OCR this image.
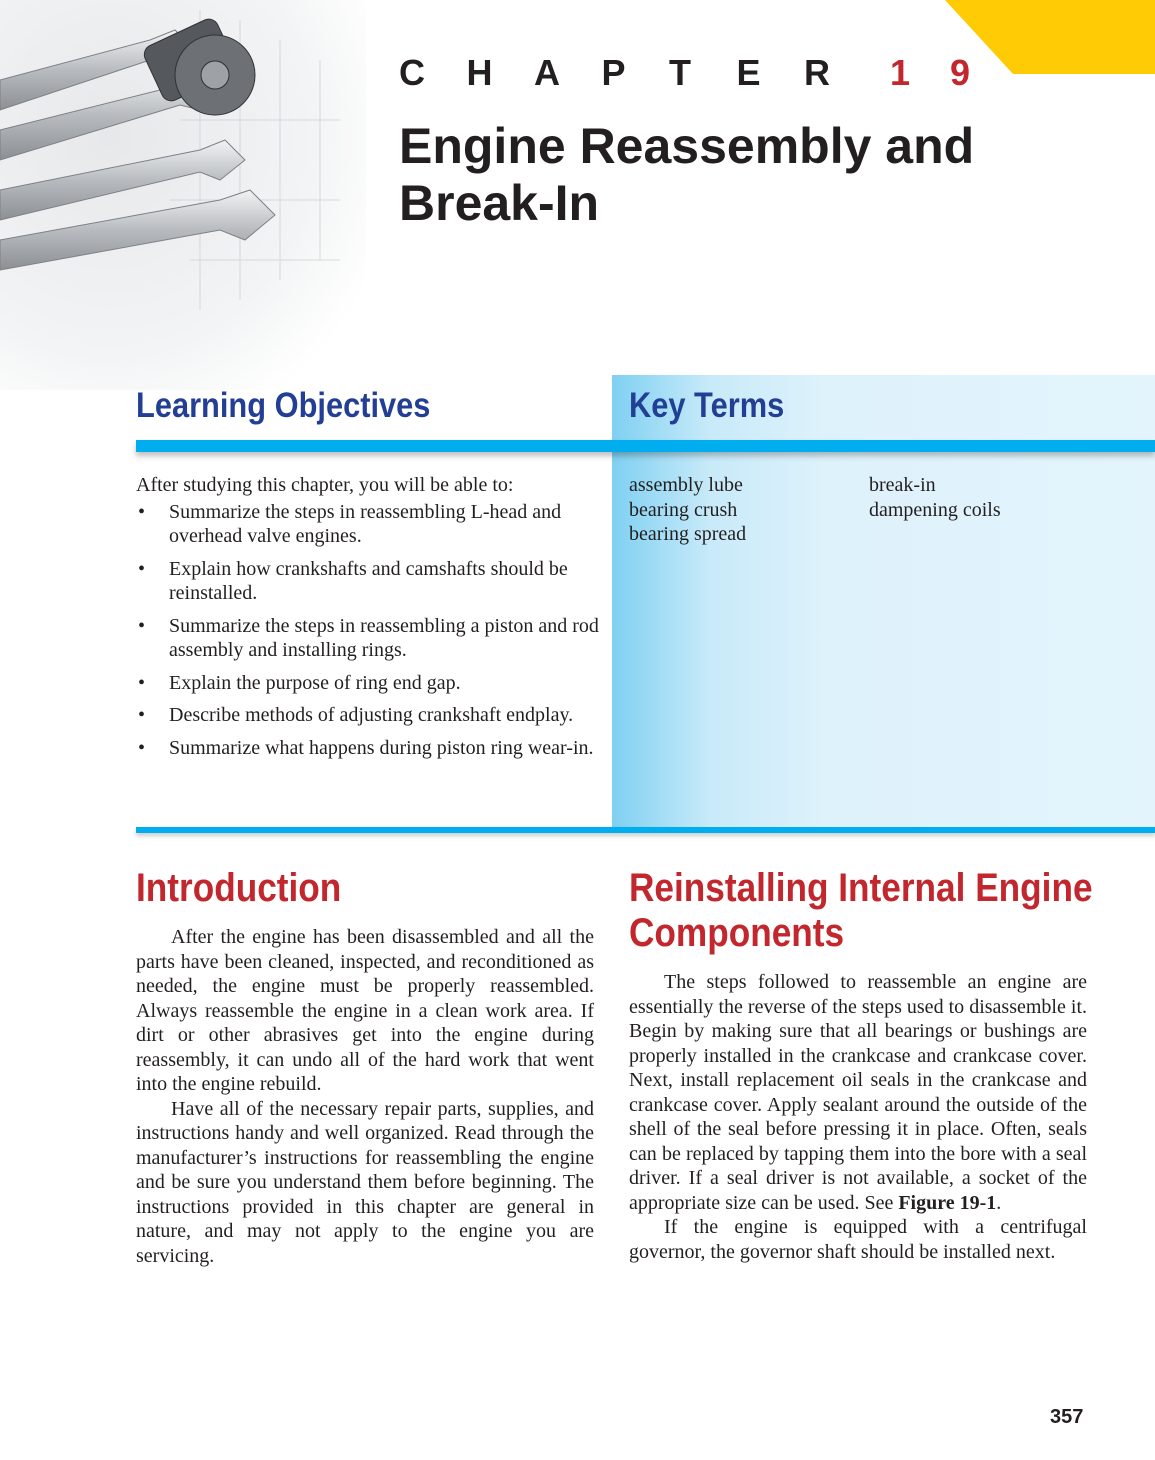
C H A P T E R 1 9
Engine Reassembly and
Break-In
Learning Objectives	Key Terms
After studying this chapter, you will be able to:
• Summarize the steps in reassembling L-head and overhead valve engines.
• Explain how crankshafts and camshafts should be reinstalled.
• Summarize the steps in reassembling a piston and rod assembly and installing rings.
• Explain the purpose of ring end gap.
• Describe methods of adjusting crankshaft endplay.
• Summarize what happens during piston ring wear-in.
assembly lube
bearing crush
bearing spread
break-in
dampening coils
Introduction

After the engine has been disassembled and all the parts have been cleaned, inspected, and reconditioned as needed, the engine must be properly reassembled. Always reassemble the engine in a clean work area. If dirt or other abrasives get into the engine during reassembly, it can undo all of the hard work that went into the engine rebuild.

Have all of the necessary repair parts, supplies, and instructions handy and well organized. Read through the manufacturer’s instructions for reassembling the engine and be sure you understand them before beginning. The instructions provided in this chapter are general in nature, and may not apply to the engine you are servicing.

Reinstalling Internal Engine
Components

The steps followed to reassemble an engine are essentially the reverse of the steps used to disassemble it. Begin by making sure that all bearings or bushings are properly installed in the crankcase and crankcase cover. Next, install replacement oil seals in the crankcase and crankcase cover. Apply sealant around the outside of the shell of the seal before pressing it in place. Often, seals can be replaced by tapping them into the bore with a seal driver. If a seal driver is not available, a socket of the appropriate size can be used. See Figure 19-1.

If the engine is equipped with a centrifugal governor, the governor shaft should be installed next.

357
